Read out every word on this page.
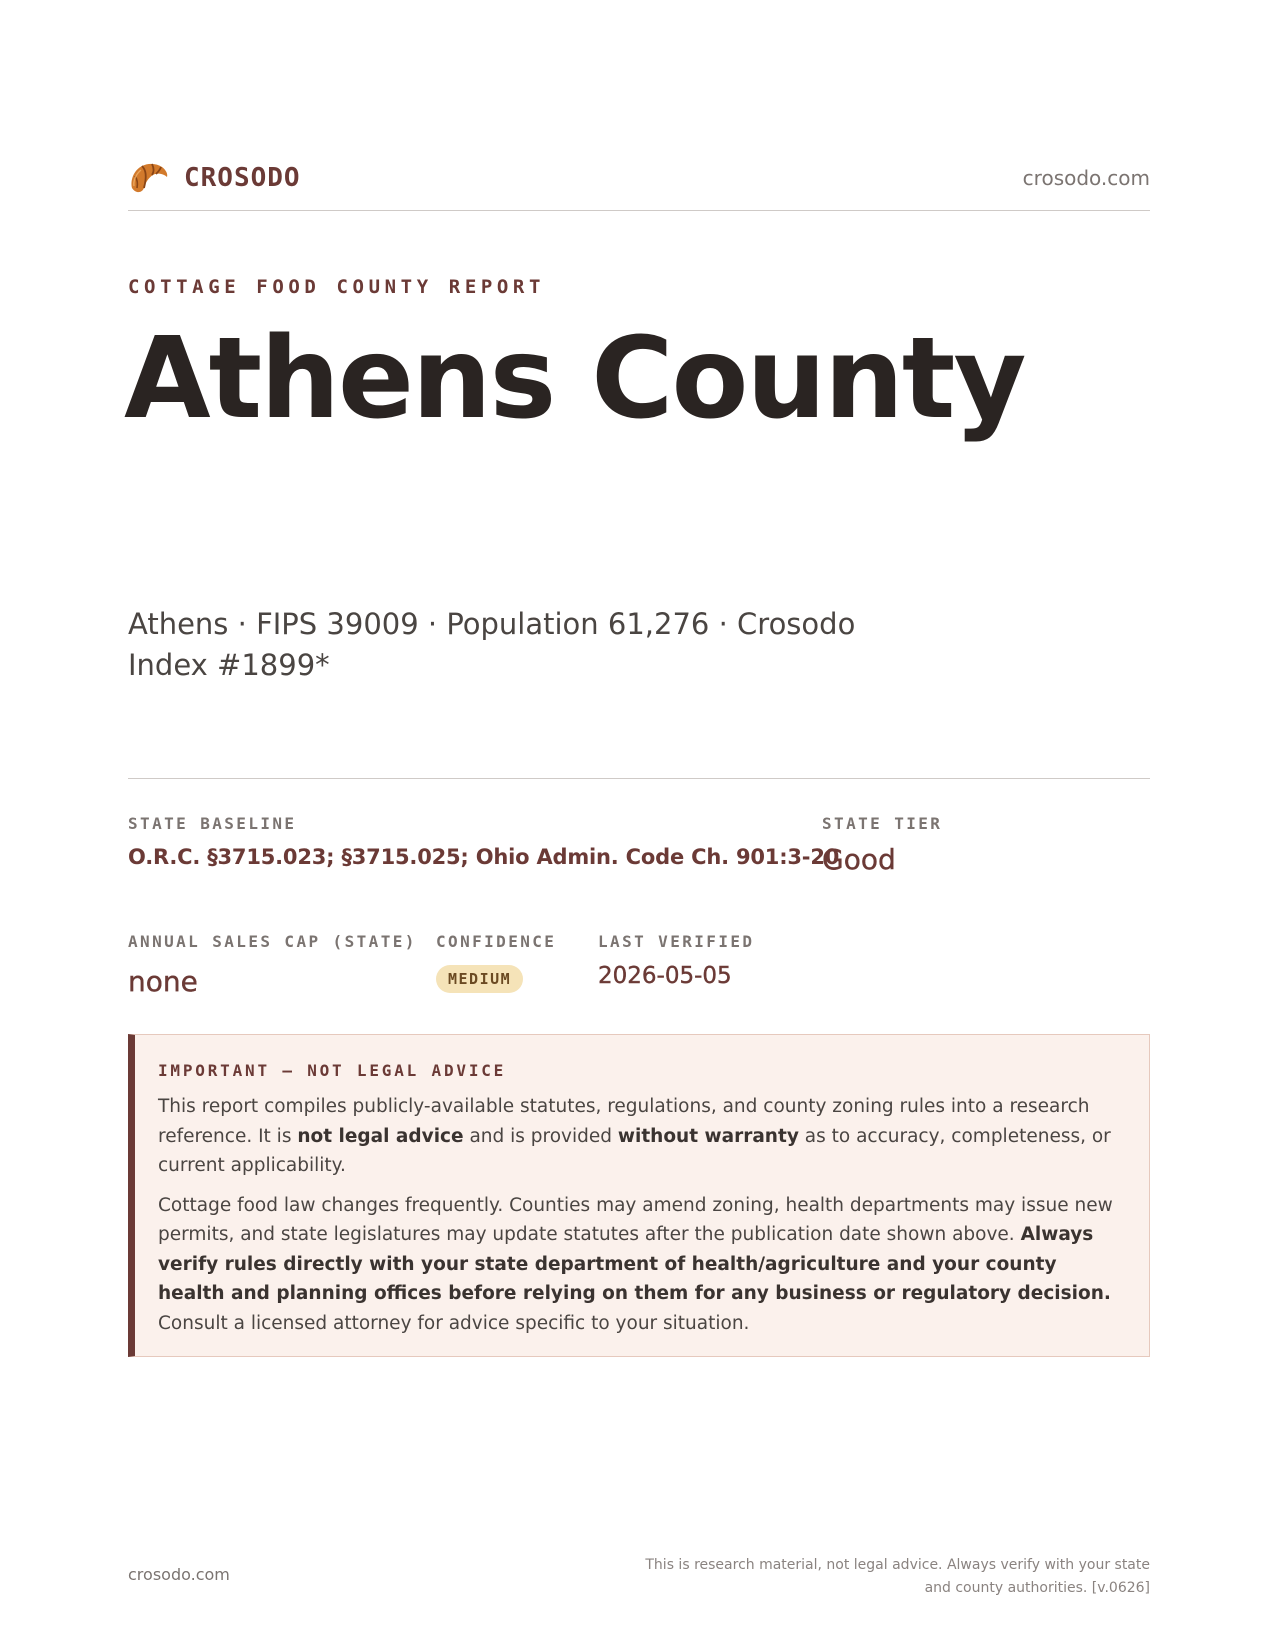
CROSODO	crosodo.com
COTTAGE FOOD COUNTY REPORT
Athens County
Athens · FIPS 39009 · Population 61,276 · Crosodo Index #1899*
STATE BASELINE
O.R.C. §3715.023; §3715.025; Ohio Admin. Code Ch. 901:3-20
STATE TIER
Good
ANNUAL SALES CAP (STATE)
none
CONFIDENCE
MEDIUM
LAST VERIFIED
2026-05-05
IMPORTANT — NOT LEGAL ADVICE

This report compiles publicly-available statutes, regulations, and county zoning rules into a research reference. It is not legal advice and is provided without warranty as to accuracy, completeness, or current applicability.

Cottage food law changes frequently. Counties may amend zoning, health departments may issue new permits, and state legislatures may update statutes after the publication date shown above. Always verify rules directly with your state department of health/agriculture and your county health and planning offices before relying on them for any business or regulatory decision. Consult a licensed attorney for advice specific to your situation.

crosodo.com	This is research material, not legal advice. Always verify with your state
and county authorities. [v.0626]
